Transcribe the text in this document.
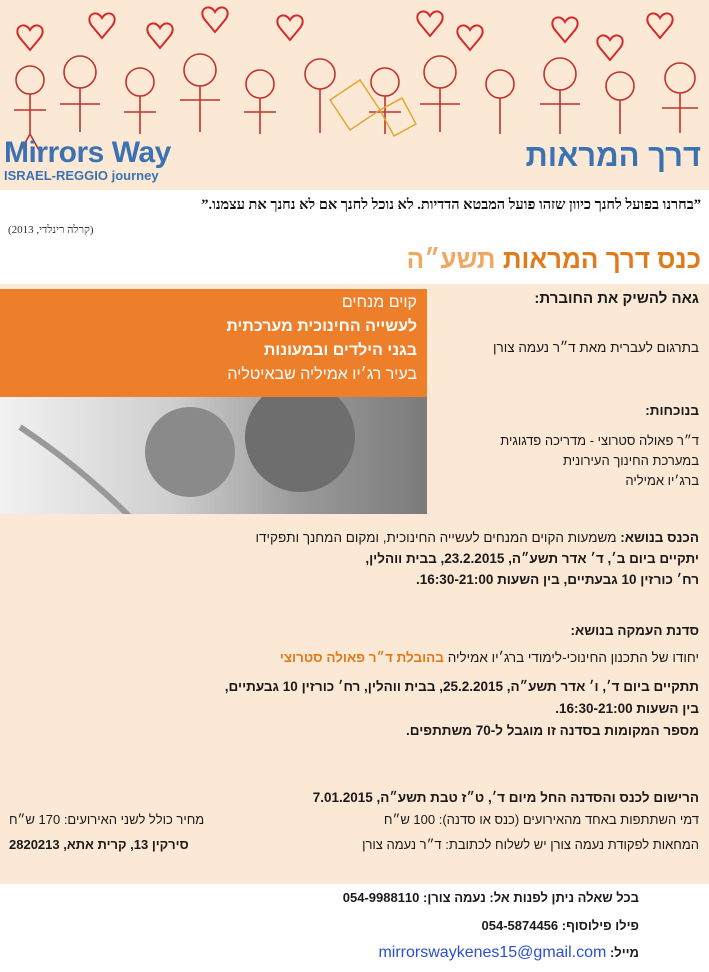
Mirrors Way
ISRAEL-REGGIO journey
דרך המראות
”בחרנו בפועל לחנך כיוון שזהו פועל המבטא הדדיות. לא נוכל לחנך אם לא נחנך את עצמנו.”
(קרלה רינלדי, 2013)
כנס דרך המראות תשע״ה
קוים מנחים
לעשייה החינוכית מערכתית
בגני הילדים ובמעונות
בעיר רג׳יו אמיליה שבאיטליה
גאה להשיק את החוברת:
בתרגום לעברית מאת ד״ר נעמה צורן
בנוכחות:
ד״ר פאולה סטרוצי - מדריכה פדגוגית
במערכת החינוך העירונית
ברג׳יו אמיליה
הכנס בנושא: משמעות הקוים המנחים לעשייה החינוכית, ומקום המחנך ותפקידו
יתקיים ביום ב׳, ד׳ אדר תשע״ה, 23.2.2015, בבית ווהלין,
רח׳ כורזין 10 גבעתיים, בין השעות 16:30-21:00.
סדנת העמקה בנושא:
יחודו של התכנון החינוכי-לימודי ברג׳יו אמיליה בהובלת ד״ר פאולה סטרוצי
תתקיים ביום ד׳, ו׳ אדר תשע״ה, 25.2.2015, בבית ווהלין, רח׳ כורזין 10 גבעתיים,
בין השעות 16:30-21:00.
מספר המקומות בסדנה זו מוגבל ל-70 משתתפים.
הרישום לכנס והסדנה החל מיום ד׳, ט״ז טבת תשע״ה, 7.01.2015
דמי השתתפות באחד מהאירועים (כנס או סדנה): 100 ש״ח
מחיר כולל לשני האירועים: 170 ש״ח
המחאות לפקודת נעמה צורן יש לשלוח לכתובת: ד״ר נעמה צורן
סירקין 13, קרית אתא, 2820213
בכל שאלה ניתן לפנות אל: נעמה צורן: 054-9988110
פילו פילוסוף: 054-5874456
מייל: mirrorswaykenes15@gmail.com
